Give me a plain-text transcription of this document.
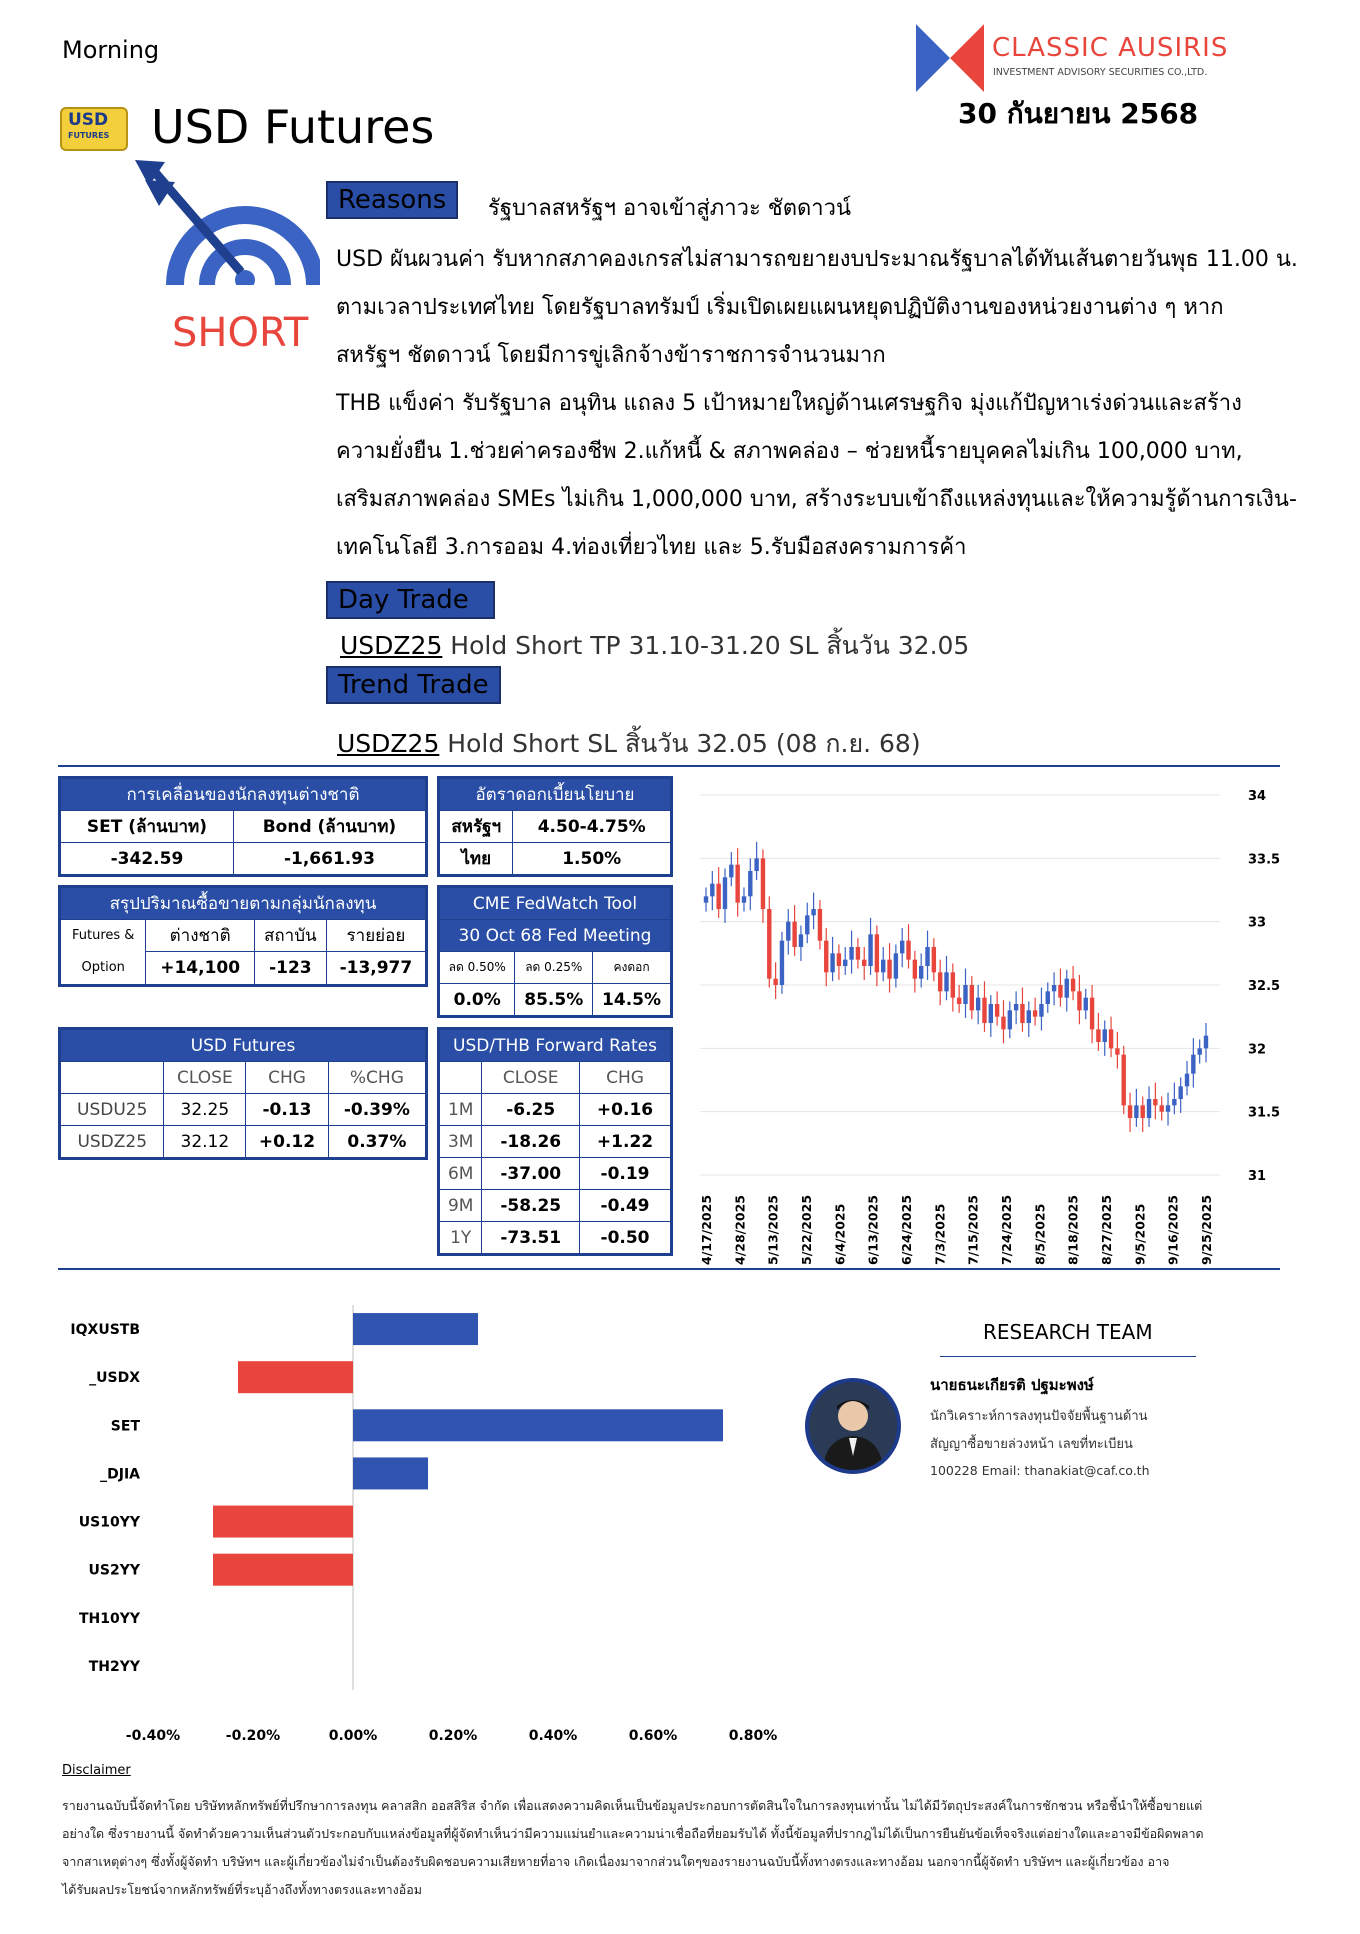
Morning
USD
FUTURES USD Futures
CLASSIC AUSIRIS
INVESTMENT ADVISORY SECURITIES CO.,LTD.
30 กันยายน 2568
SHORT
Reasons	รัฐบาลสหรัฐฯ อาจเข้าสู่ภาวะ ชัตดาวน์
USD ผันผวนค่า รับหากสภาคองเกรสไม่สามารถขยายงบประมาณรัฐบาลได้ทันเส้นตายวันพุธ 11.00 น.
ตามเวลาประเทศไทย โดยรัฐบาลทรัมป์ เริ่มเปิดเผยแผนหยุดปฏิบัติงานของหน่วยงานต่าง ๆ หาก
สหรัฐฯ ชัตดาวน์ โดยมีการขู่เลิกจ้างข้าราชการจำนวนมาก
THB แข็งค่า รับรัฐบาล อนุทิน แถลง 5 เป้าหมายใหญ่ด้านเศรษฐกิจ มุ่งแก้ปัญหาเร่งด่วนและสร้าง
ความยั่งยืน 1.ช่วยค่าครองชีพ 2.แก้หนี้ & สภาพคล่อง – ช่วยหนี้รายบุคคลไม่เกิน 100,000 บาท,
เสริมสภาพคล่อง SMEs ไม่เกิน 1,000,000 บาท, สร้างระบบเข้าถึงแหล่งทุนและให้ความรู้ด้านการเงิน-
เทคโนโลยี 3.การออม 4.ท่องเที่ยวไทย และ 5.รับมือสงครามการค้า
Day Trade
USDZ25 Hold Short TP 31.10-31.20 SL สิ้นวัน 32.05
Trend Trade
USDZ25 Hold Short SL สิ้นวัน 32.05 (08 ก.ย. 68)
การเคลื่อนของนักลงทุนต่างชาติ	
SET (ล้านบาท)	Bond (ล้านบาท)
-342.59	-1,661.93
อัตราดอกเบี้ยนโยบาย	
สหรัฐฯ	4.50-4.75%
ไทย	1.50%
สรุปปริมาณซื้อขายตามกลุ่มนักลงทุน			

Futures &
Option	ต่างชาติ	สถาบัน	รายย่อย
	+14,100	-123	-13,977
CME FedWatch Tool		
30 Oct 68 Fed Meeting		
ลด 0.50%	ลด 0.25%	คงดอก
0.0%	85.5%	14.5%
USD Futures			
	CLOSE	CHG	%CHG
USDU25	32.25	-0.13	-0.39%
USDZ25	32.12	+0.12	0.37%
USD/THB Forward Rates		
	CLOSE	CHG
1M	-6.25	+0.16
3M	-18.26	+1.22
6M	-37.00	-0.19
9M	-58.25	-0.49
1Y	-73.51	-0.50
34
33.5
33
32.5
32
31.5
31
4/17/2025 4/28/2025 5/13/2025 5/22/2025 6/4/2025 6/13/2025 6/24/2025 7/3/2025 7/15/2025 7/24/2025 8/5/2025 8/18/2025 8/27/2025 9/5/2025 9/16/2025 9/25/2025
IQXUSTB
_USDX
SET
_DJIA
US10YY
US2YY
TH10YY
TH2YY
-0.40%	-0.20%	0.00%	0.20%	0.40%	0.60%	0.80%
RESEARCH TEAM
นายธนะเกียรติ ปฐมะพงษ์
นักวิเคราะห์การลงทุนปัจจัยพื้นฐานด้าน
สัญญาซื้อขายล่วงหน้า เลขที่ทะเบียน
100228 Email: thanakiat@caf.co.th
Disclaimer
รายงานฉบับนี้จัดทำโดย บริษัทหลักทรัพย์ที่ปรึกษาการลงทุน คลาสสิก ออสสิริส จำกัด เพื่อแสดงความคิดเห็นเป็นข้อมูลประกอบการตัดสินใจในการลงทุนเท่านั้น ไม่ได้มีวัตถุประสงค์ในการชักชวน หรือชี้นำให้ซื้อขายแต่
อย่างใด ซึ่งรายงานนี้ จัดทำด้วยความเห็นส่วนตัวประกอบกับแหล่งข้อมูลที่ผู้จัดทำเห็นว่ามีความแม่นยำและความน่าเชื่อถือที่ยอมรับได้ ทั้งนี้ข้อมูลที่ปรากฎไม่ได้เป็นการยืนยันข้อเท็จจริงแต่อย่างใดและอาจมีข้อผิดพลาด
จากสาเหตุต่างๆ ซึ่งทั้งผู้จัดทำ บริษัทฯ และผู้เกี่ยวข้องไม่จำเป็นต้องรับผิดชอบความเสียหายที่อาจ เกิดเนื่องมาจากส่วนใดๆของรายงานฉบับนี้ทั้งทางตรงและทางอ้อม นอกจากนี้ผู้จัดทำ บริษัทฯ และผู้เกี่ยวข้อง อาจ
ได้รับผลประโยชน์จากหลักทรัพย์ที่ระบุอ้างถึงทั้งทางตรงและทางอ้อม
